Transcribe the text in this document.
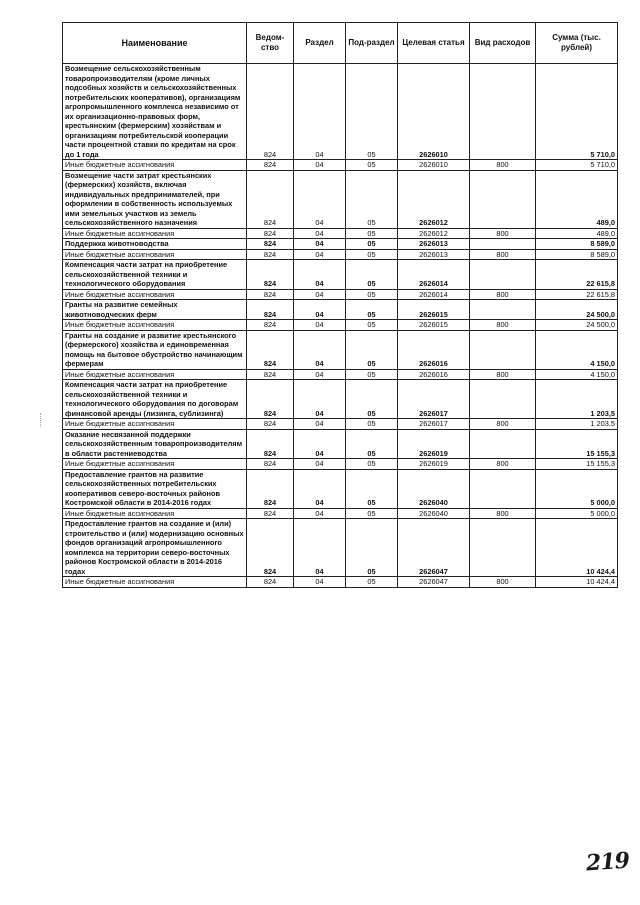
Наименование	Ведом-ство	Раздел	Под-раздел	Целевая статья	Вид расходов	Сумма (тыс. рублей)
Возмещение сельскохозяйственным товаропроизводителям (кроме личных подсобных хозяйств и сельскохозяйственных потребительских кооперативов), организациям агропромышленного комплекса независимо от их организационно-правовых форм, крестьянским (фермерским) хозяйствам и организациям потребительской кооперации части процентной ставки по кредитам на срок до 1 года	824	04	05	2626010		5 710,0
Иные бюджетные ассигнования	824	04	05	2626010	800	5 710,0
Возмещение части затрат крестьянских (фермерских) хозяйств, включая индивидуальных предпринимателей, при оформлении в собственность используемых ими земельных участков из земель сельскохозяйственного назначения	824	04	05	2626012		489,0
Иные бюджетные ассигнования	824	04	05	2626012	800	489,0
Поддержка животноводства	824	04	05	2626013		8 589,0
Иные бюджетные ассигнования	824	04	05	2626013	800	8 589,0
Компенсация части затрат на приобретение сельскохозяйственной техники и технологического оборудования	824	04	05	2626014		22 615,8
Иные бюджетные ассигнования	824	04	05	2626014	800	22 615,8
Гранты на развитие семейных животноводческих ферм	824	04	05	2626015		24 500,0
Иные бюджетные ассигнования	824	04	05	2626015	800	24 500,0
Гранты на создание и развитие крестьянского (фермерского) хозяйства и единовременная помощь на бытовое обустройство начинающим фермерам	824	04	05	2626016		4 150,0
Иные бюджетные ассигнования	824	04	05	2626016	800	4 150,0
Компенсация части затрат на приобретение сельскохозяйственной техники и технологического оборудования по договорам финансовой аренды (лизинга, сублизинга)	824	04	05	2626017		1 203,5
Иные бюджетные ассигнования	824	04	05	2626017	800	1 203,5
Оказание несвязанной поддержки сельскохозяйственным товаропроизводителям в области растениеводства	824	04	05	2626019		15 155,3
Иные бюджетные ассигнования	824	04	05	2626019	800	15 155,3
Предоставление грантов на развитие сельскохозяйственных потребительских кооперативов северо-восточных районов Костромской области в 2014-2016 годах	824	04	05	2626040		5 000,0
Иные бюджетные ассигнования	824	04	05	2626040	800	5 000,0
Предоставление грантов на создание и (или) строительство и (или) модернизацию основных фондов организаций агропромышленного комплекса на территории северо-восточных районов Костромской области в 2014-2016 годах	824	04	05	2626047		10 424,4
Иные бюджетные ассигнования	824	04	05	2626047	800	10 424,4
219
